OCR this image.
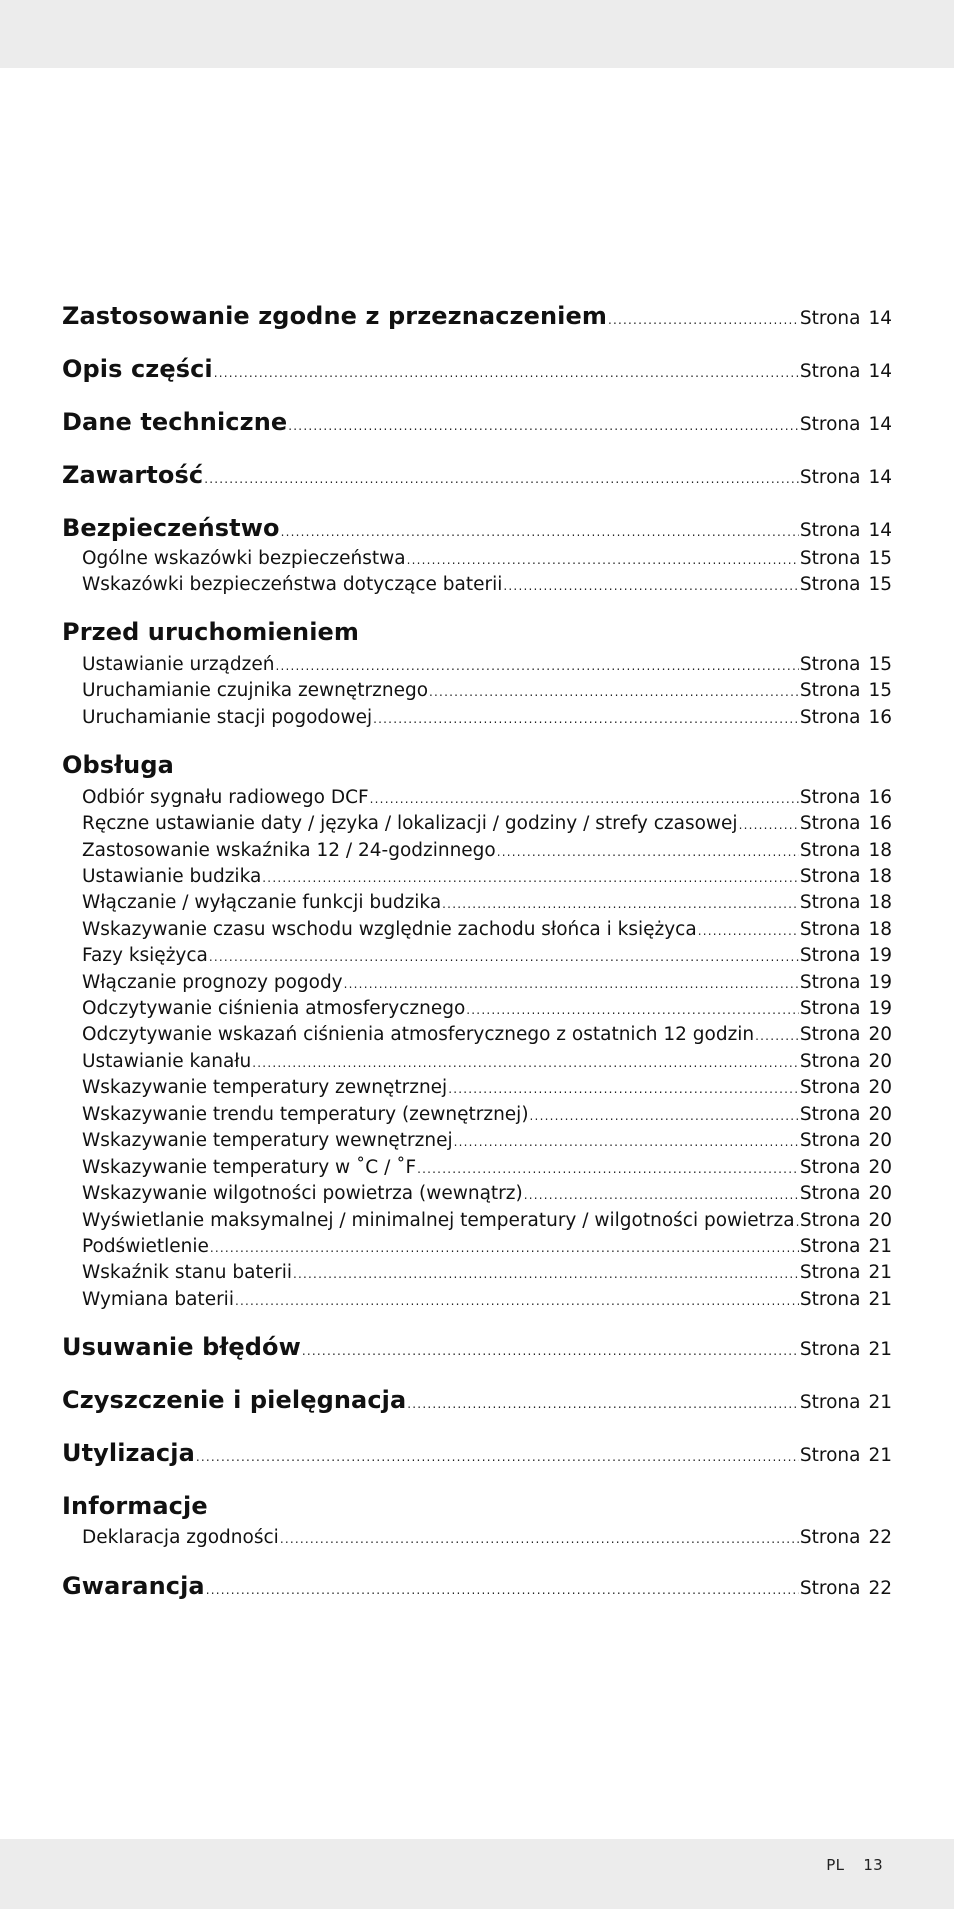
Zastosowanie zgodne z przeznaczeniem .....	Strona 14
Opis części .....	Strona 14
Dane techniczne .....	Strona 14
Zawartość .....	Strona 14
Bezpieczeństwo .....	Strona 14
Ogólne wskazówki bezpieczeństwa .....	Strona 15
Wskazówki bezpieczeństwa dotyczące baterii .....	Strona 15
Przed uruchomieniem
Ustawianie urządzeń .....	Strona 15
Uruchamianie czujnika zewnętrznego .....	Strona 15
Uruchamianie stacji pogodowej .....	Strona 16
Obsługa
Odbiór sygnału radiowego DCF .....	Strona 16
Ręczne ustawianie daty / języka / lokalizacji / godziny / strefy czasowej .....	Strona 16
Zastosowanie wskaźnika 12 / 24-godzinnego .....	Strona 18
Ustawianie budzika .....	Strona 18
Włączanie / wyłączanie funkcji budzika .....	Strona 18
Wskazywanie czasu wschodu względnie zachodu słońca i księżyca .....	Strona 18
Fazy księżyca .....	Strona 19
Włączanie prognozy pogody .....	Strona 19
Odczytywanie ciśnienia atmosferycznego .....	Strona 19
Odczytywanie wskazań ciśnienia atmosferycznego z ostatnich 12 godzin ..... Strona 20
Ustawianie kanału .....	Strona 20
Wskazywanie temperatury zewnętrznej .....	Strona 20
Wskazywanie trendu temperatury (zewnętrznej) .....	Strona 20
Wskazywanie temperatury wewnętrznej .....	Strona 20
Wskazywanie temperatury w ˚C / ˚F .....	Strona 20
Wskazywanie wilgotności powietrza (wewnątrz) .....	Strona 20
Wyświetlanie maksymalnej / minimalnej temperatury / wilgotności powietrza ..... Strona 20
Podświetlenie .....	Strona 21
Wskaźnik stanu baterii .....	Strona 21
Wymiana baterii .....	Strona 21
Usuwanie błędów .....	Strona 21
Czyszczenie i pielęgnacja .....	Strona 21
Utylizacja .....	Strona 21
Informacje
Deklaracja zgodności .....	Strona 22
Gwarancja .....	Strona 22
PL 13
